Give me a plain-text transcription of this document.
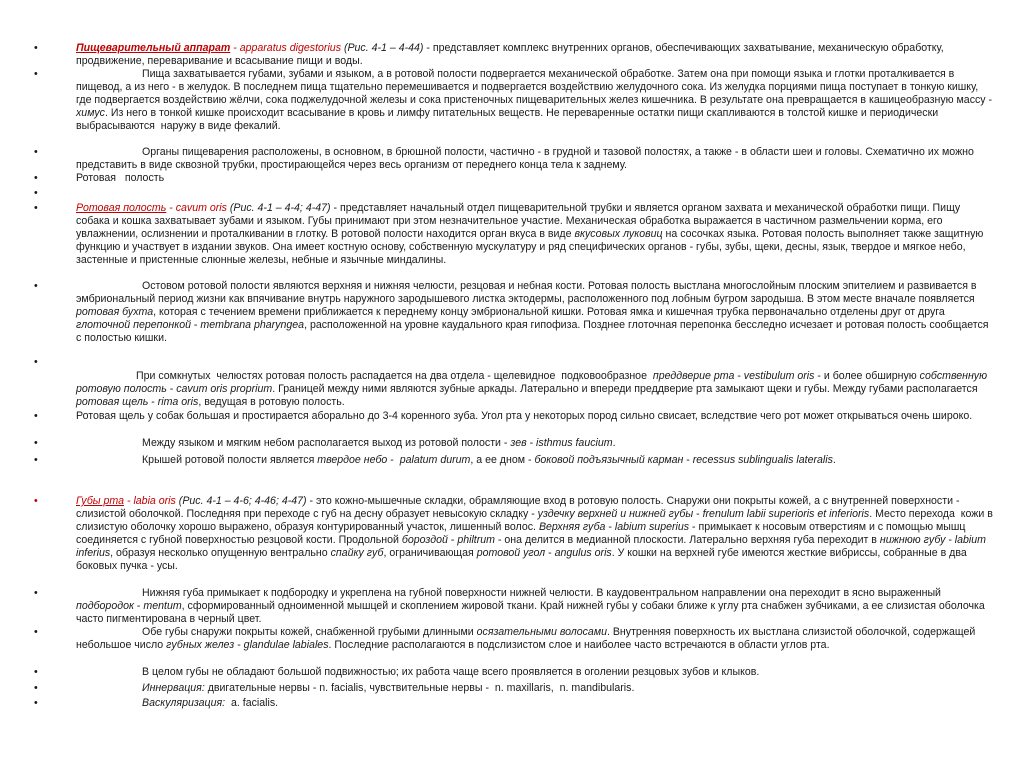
•	Пищеварительный аппарат - apparatus digestorius (Рис. 4-1 – 4-44) - представляет комплекс внутренних органов, обеспечивающих захватывание, механическую обработку, продвижение, переваривание и всасывание пищи и воды.
•	Пища захватывается губами, зубами и языком, а в ротовой полости подвергается механической обработке. Затем она при помощи языка и глотки проталкивается в пищевод, а из него - в желудок. В последнем пища тщательно перемешивается и подвергается воздействию желудочного сока. Из желудка порциями пища поступает в тонкую кишку, где подвергается воздействию жёлчи, сока поджелудочной железы и сока пристеночных пищеварительных желез кишечника. В результате она превращается в кашицеобразную массу - химус. Из него в тонкой кишке происходит всасывание в кровь и лимфу питательных веществ. Не переваренные остатки пищи скапливаются в толстой кишке и периодически  выбрасываются  наружу в виде фекалий.
•	Органы пищеварения расположены, в основном, в брюшной полости, частично - в грудной и тазовой полостях, а также - в области шеи и головы. Схематично их можно представить в виде сквозной трубки, простирающейся через весь организм от переднего конца тела к заднему.
•	Ротовая   полость
•
•	Ротовая полость - cavum oris (Рис. 4-1 – 4-4; 4-47) - представляет начальный отдел пищеварительной трубки и является органом захвата и механической обработки пищи. Пищу собака и кошка захватывает зубами и языком. Губы принимают при этом незначительное участие. Механическая обработка выражается в частичном размельчении корма, его увлажнении, ослизнении и проталкивании в глотку. В ротовой полости находится орган вкуса в виде вкусовых луковиц на сосочках языка. Ротовая полость выполняет также защитную функцию и участвует в издании звуков. Она имеет костную основу, собственную мускулатуру и ряд специфических органов - губы, зубы, щеки, десны, язык, твердое и мягкое небо, застенные и пристенные слюнные железы, небные и язычные миндалины.
•	Остовом ротовой полости являются верхняя и нижняя челюсти, резцовая и небная кости. Ротовая полость выстлана многослойным плоским эпителием и развивается в эмбриональный период жизни как впячивание внутрь наружного зародышевого листка эктодермы, расположенного под лобным бугром зародыша. В этом месте вначале появляется ротовая бухта, которая с течением времени приближается к переднему концу эмбриональной кишки. Ротовая ямка и кишечная трубка первоначально отделены друг от друга глоточной перепонкой - membrana pharyngea, расположенной на уровне каудального края гипофиза. Позднее глоточная перепонка бесследно исчезает и ротовая полость сообщается с полостью кишки.
•
При сомкнутых  челюстях ротовая полость распадается на два отдела - щелевидное  подковообразное  преддверие рта - vestibulum oris - и более обширную собственную ротовую полость - cavum oris proprium. Границей между ними являются зубные аркады. Латерально и впереди преддверие рта замыкают щеки и губы. Между губами располагается ротовая щель - rima oris, ведущая в ротовую полость.
•	Ротовая щель у собак большая и простирается аборально до 3-4 коренного зуба. Угол рта у некоторых пород сильно свисает, вследствие чего рот может открываться очень широко.
•	Между языком и мягким небом располагается выход из ротовой полости - зев - isthmus faucium.
•	Крышей ротовой полости является твердое небо -  palatum durum, а ее дном - боковой подъязычный карман - recessus sublingualis lateralis.
•	Губы рта - labia oris (Рис. 4-1 – 4-6; 4-46; 4-47) - это кожно-мышечные складки, обрамляющие вход в ротовую полость. Снаружи они покрыты кожей, а с внутренней поверхности - слизистой оболочкой. Последняя при переходе с губ на десну образует невысокую складку - уздечку верхней и нижней губы - frenulum labii superioris et inferioris. Место перехода  кожи в слизистую оболочку хорошо выражено, образуя контурированный участок, лишенный волос. Верхняя губа - labium superius - примыкает к носовым отверстиям и с помощью мышц соединяется с губной поверхностью резцовой кости. Продольной бороздой - philtrum - она делится в медианной плоскости. Латерально верхняя губа переходит в нижнюю губу - labium  inferius, образуя несколько опущенную вентрально спайку губ, ограничивающая ротовой угол - angulus oris. У кошки на верхней губе имеются жесткие вибриссы, собранные в два боковых пучка - усы.
•	Нижняя губа примыкает к подбородку и укреплена на губной поверхности нижней челюсти. В каудовентральном направлении она переходит в ясно выраженный подбородок - mentum, сформированный одноименной мышцей и скоплением жировой ткани. Край нижней губы у собаки ближе к углу рта снабжен зубчиками, а ее слизистая оболочка часто пигментирована в черный цвет.
•	Обе губы снаружи покрыты кожей, снабженной грубыми длинными осязательными волосами. Внутренняя поверхность их выстлана слизистой оболочкой, содержащей небольшое число губных желез - glandulae labiales. Последние располагаются в подслизистом слое и наиболее часто встречаются в области углов рта.
•	В целом губы не обладают большой подвижностью; их работа чаще всего проявляется в оголении резцовых зубов и клыков.
•	Иннервация: двигательные нервы - n. facialis, чувствительные нервы -  n. maxillaris,  n. mandibularis.
•	Васкуляризация:  a. facialis.
